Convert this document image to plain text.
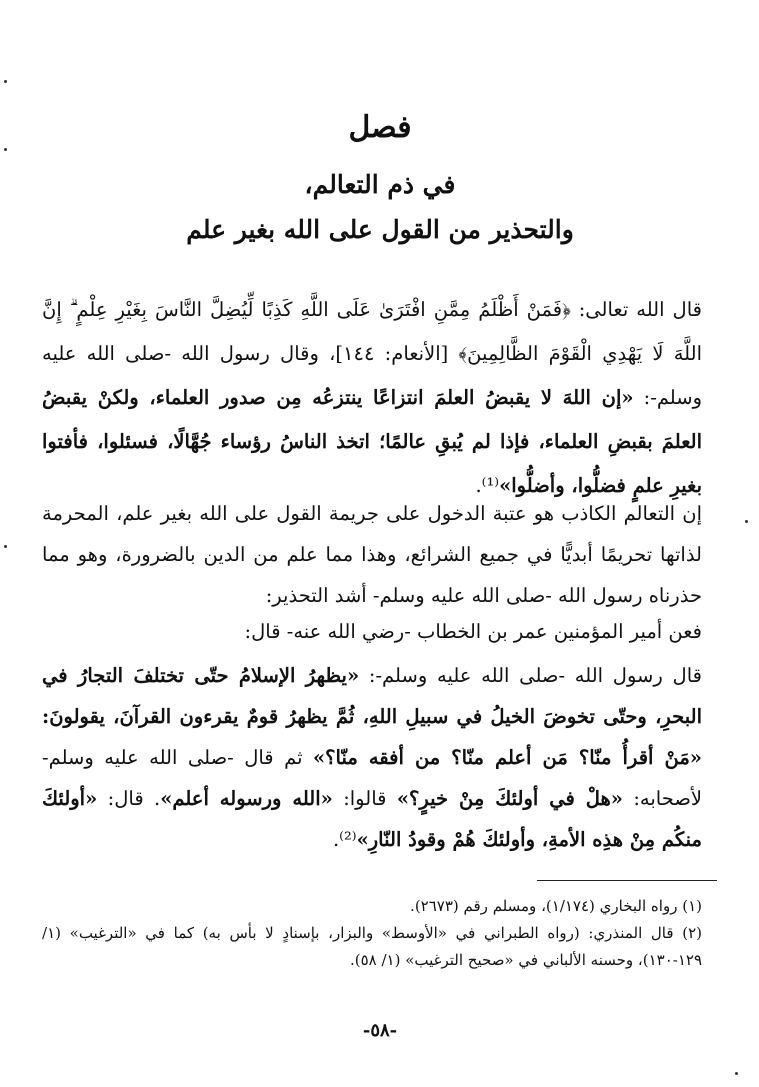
فصل
في ذم التعالم،
والتحذير من القول على الله بغير علم

قال الله تعالى: ﴿فَمَنْ أَظْلَمُ مِمَّنِ افْتَرَىٰ عَلَى اللَّهِ كَذِبًا لِّيُضِلَّ النَّاسَ بِغَيْرِ عِلْمٍ ۗ إِنَّ اللَّهَ لَا يَهْدِي الْقَوْمَ الظَّالِمِينَ﴾ [الأنعام: ١٤٤]، وقال رسول الله -صلى الله عليه وسلم-: «إن اللهَ لا يقبضُ العلمَ انتزاعًا ينتزعُه مِن صدور العلماء، ولكنْ يقبضُ العلمَ بقبضِ العلماء، فإذا لم يُبقِ عالمًا؛ اتخذ الناسُ رؤساء جُهَّالًا، فسئلوا، فأفتوا بغيرِ علمٍ فضلُّوا، وأضلُّوا»⁽¹⁾.

إن التعالم الكاذب هو عتبة الدخول على جريمة القول على الله بغير علم، المحرمة لذاتها تحريمًا أبديًّا في جميع الشرائع، وهذا مما علم من الدين بالضرورة، وهو مما حذرناه رسول الله -صلى الله عليه وسلم- أشد التحذير:

فعن أمير المؤمنين عمر بن الخطاب -رضي الله عنه- قال:

قال رسول الله -صلى الله عليه وسلم-: «يظهرُ الإسلامُ حتّى تختلفَ التجارُ في البحرِ، وحتّى تخوضَ الخيلُ في سبيلِ اللهِ، ثُمَّ يظهرُ قومٌ يقرءون القرآنَ، يقولونَ: «مَنْ أقرأُ منّا؟ مَن أعلم منّا؟ من أفقه منّا؟» ثم قال -صلى الله عليه وسلم- لأصحابه: «هلْ في أولئكَ مِنْ خيرٍ؟» قالوا: «الله ورسوله أعلم». قال: «أولئكَ منكُم مِنْ هذِه الأمةِ، وأولئكَ هُمْ وقودُ النّارِ»⁽²⁾.

(١) رواه البخاري (١/١٧٤)، ومسلم رقم (٢٦٧٣).

(٢) قال المنذري: (رواه الطبراني في «الأوسط» والبزار، بإسنادٍ لا بأس به) كما في «الترغيب» (١/ ١٢٩-١٣٠)، وحسنه الألباني في «صحيح الترغيب» (١/ ٥٨).

-٥٨-
